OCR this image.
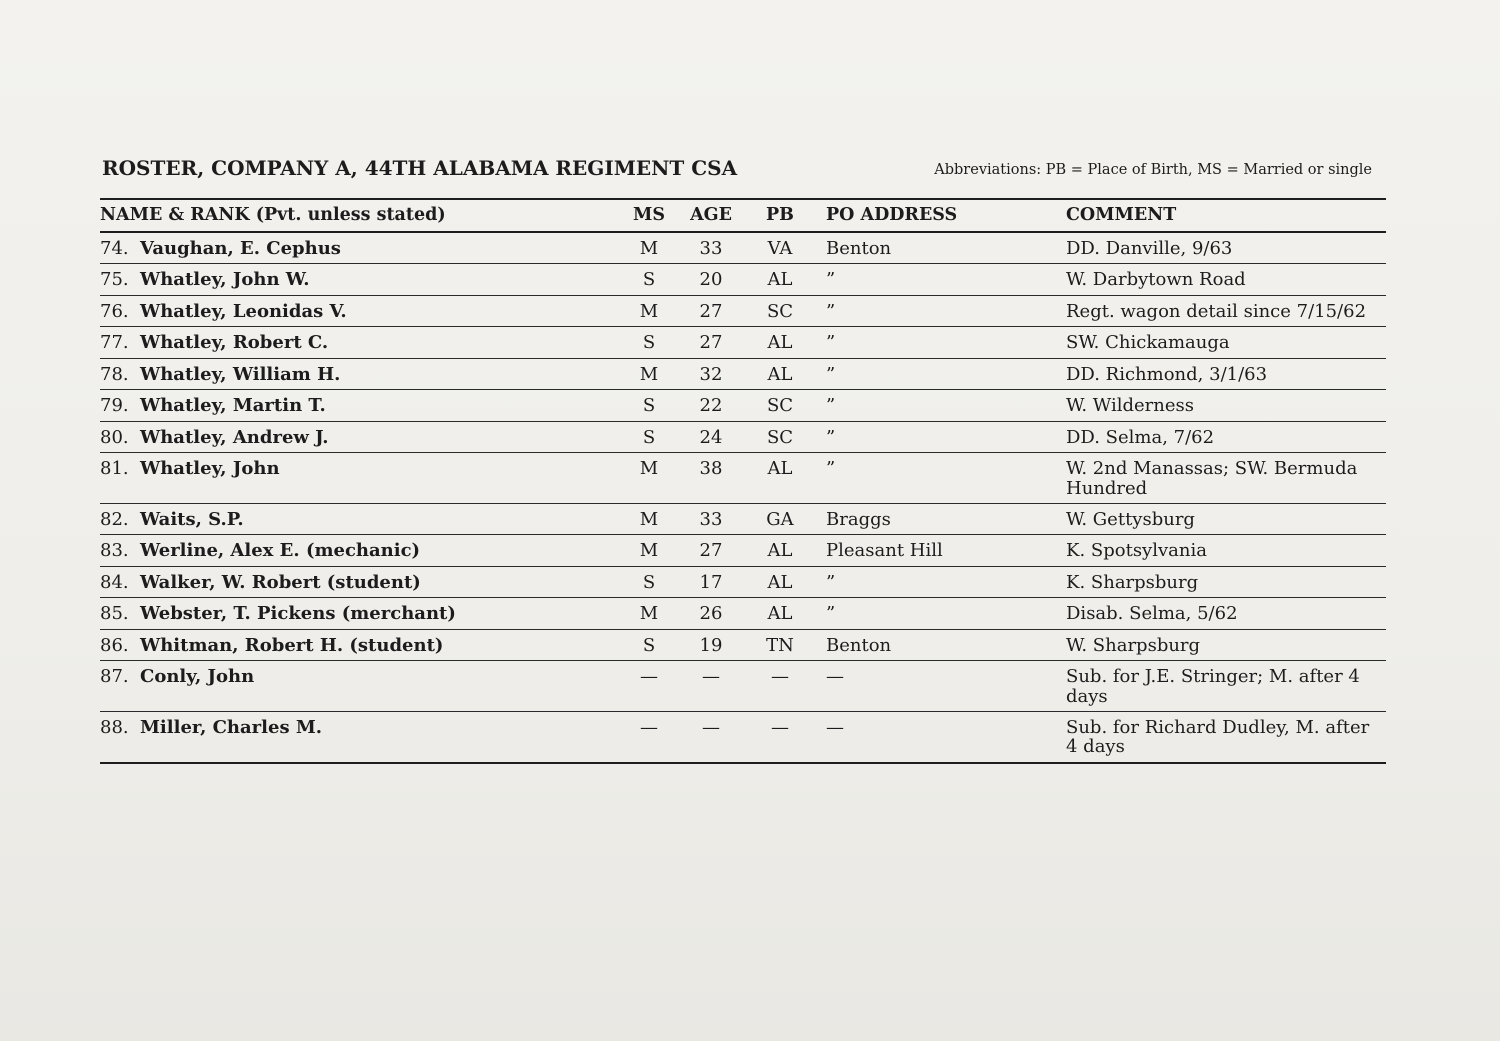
ROSTER, COMPANY A, 44TH ALABAMA REGIMENT CSA	Abbreviations: PB = Place of Birth, MS = Married or single
NAME & RANK (Pvt. unless stated)	MS	AGE	PB	PO ADDRESS	COMMENT
74. Vaughan, E. Cephus	M	33	VA	Benton	DD. Danville, 9/63
75. Whatley, John W.	S	20	AL	”	W. Darbytown Road
76. Whatley, Leonidas V.	M	27	SC	”	Regt. wagon detail since 7/15/62
77. Whatley, Robert C.	S	27	AL	”	SW. Chickamauga
78. Whatley, William H.	M	32	AL	”	DD. Richmond, 3/1/63
79. Whatley, Martin T.	S	22	SC	”	W. Wilderness
80. Whatley, Andrew J.	S	24	SC	”	DD. Selma, 7/62
81. Whatley, John	M	38	AL	”	W. 2nd Manassas; SW. Bermuda Hundred
82. Waits, S.P.	M	33	GA	Braggs	W. Gettysburg
83. Werline, Alex E. (mechanic)	M	27	AL	Pleasant Hill	K. Spotsylvania
84. Walker, W. Robert (student)	S	17	AL	”	K. Sharpsburg
85. Webster, T. Pickens (merchant)	M	26	AL	”	Disab. Selma, 5/62
86. Whitman, Robert H. (student)	S	19	TN	Benton	W. Sharpsburg
87. Conly, John	—	—	—	—	Sub. for J.E. Stringer; M. after 4 days
88. Miller, Charles M.	—	—	—	—	Sub. for Richard Dudley, M. after 4 days
